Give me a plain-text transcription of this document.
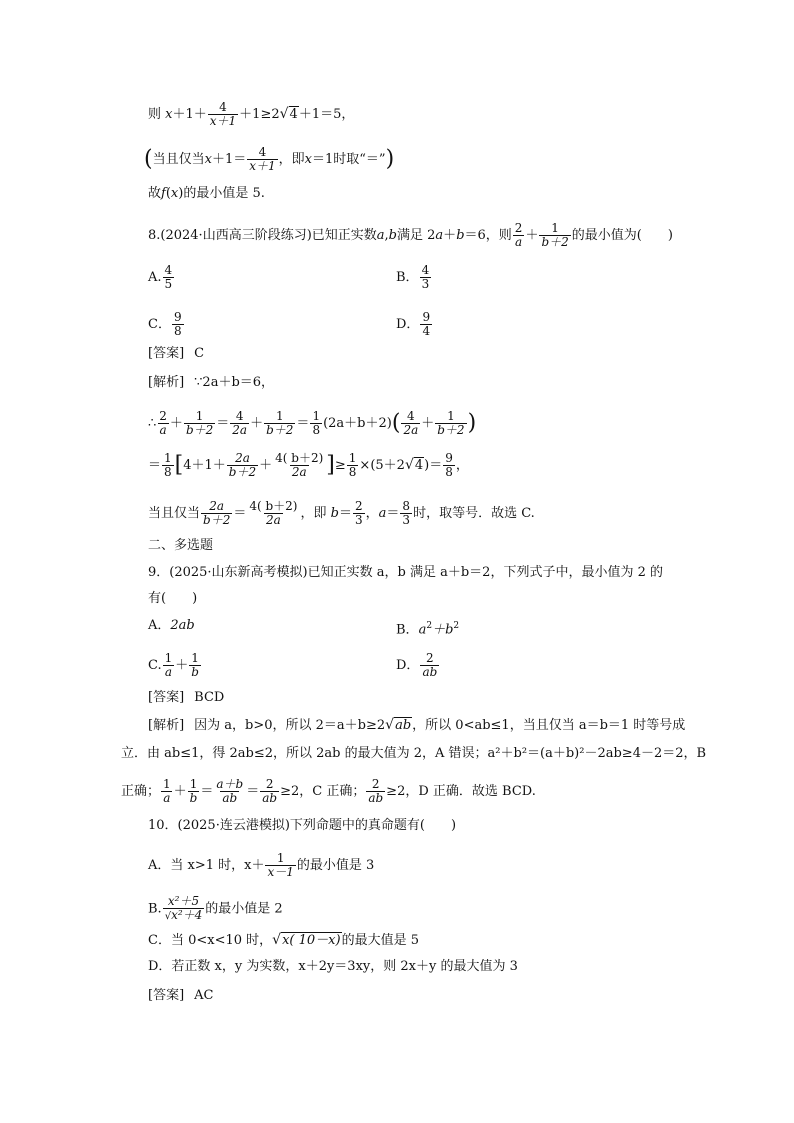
则 $x+1+ \frac{4}{x+1} +1\ge 2√4+1=5$，
(当且仅当$x+1= \frac{4}{x+1}$ ，即x＝1时取“＝”)
故f(x)的最小值是 5.
8.(2024·山西高三阶段练习)已知正实数a,b满足 2a＋b＝6，则 $\frac{2}{a} + \frac{1}{b+2}$ 的最小值为(　　)
A. $\frac{4}{5}$	B． $\frac{4}{3}$
C． $\frac{9}{8}$	D． $\frac{9}{4}$
[答案] C
[解析] ∵2a＋b＝6，
∴ $\frac{2}{a} + \frac{1}{b+2} = \frac{4}{2a} + \frac{1}{b+2} = \frac{1}{8} (2a+b+2)( \frac{4}{2a} + \frac{1}{b+2}$ )
＝ $\frac{1}{8} [4+1+ \frac{2a}{b+2} + \frac{4( b+2)}{2a}$ ]≥ $\frac{1}{8} \times(5+2√4)= \frac{9}{8}$ ，
当且仅当 $\frac{2a}{b+2} = \frac{4( b+2)}{2a}$ ，即 $b= \frac{2}{3}$ ，$a= \frac{8}{3}$ 时，取等号．故选 C.
二、多选题
9．(2025·山东新高考模拟)已知正实数 a，b 满足 a＋b＝2，下列式子中，最小值为 2 的
有(　　)
A．2ab	B．$a^2+b^2$
C. $\frac{1}{a} + \frac{1}{b}$	D． $\frac{2}{ab}$
[答案] BCD
[解析] 因为 a，b>0，所以 2＝a＋b≥2√ab，所以 0<ab≤1，当且仅当 a＝b＝1 时等号成
立．由 ab≤1，得 2ab≤2，所以 2ab 的最大值为 2，A 错误；a²＋b²＝(a＋b)²－2ab≥4－2＝2，B
正确； $\frac{1}{a} + \frac{1}{b} = \frac{a+b}{ab} = \frac{2}{ab} \ge 2$，C 正确； $\frac{2}{ab} \ge 2$，D 正确．故选 BCD.
10．(2025·连云港模拟)下列命题中的真命题有(　　)
A．当 x>1 时，$x+ \frac{1}{x-1}$ 的最小值是 3
B. $\frac{\text{x²＋5}}{\text{√x²＋4}}$ 的最小值是 2
C．当 0<x<10 时，√x( 10－x)的最大值是 5
D．若正数 x，y 为实数，x＋2y＝3xy，则 2x＋y 的最大值为 3
[答案] AC
